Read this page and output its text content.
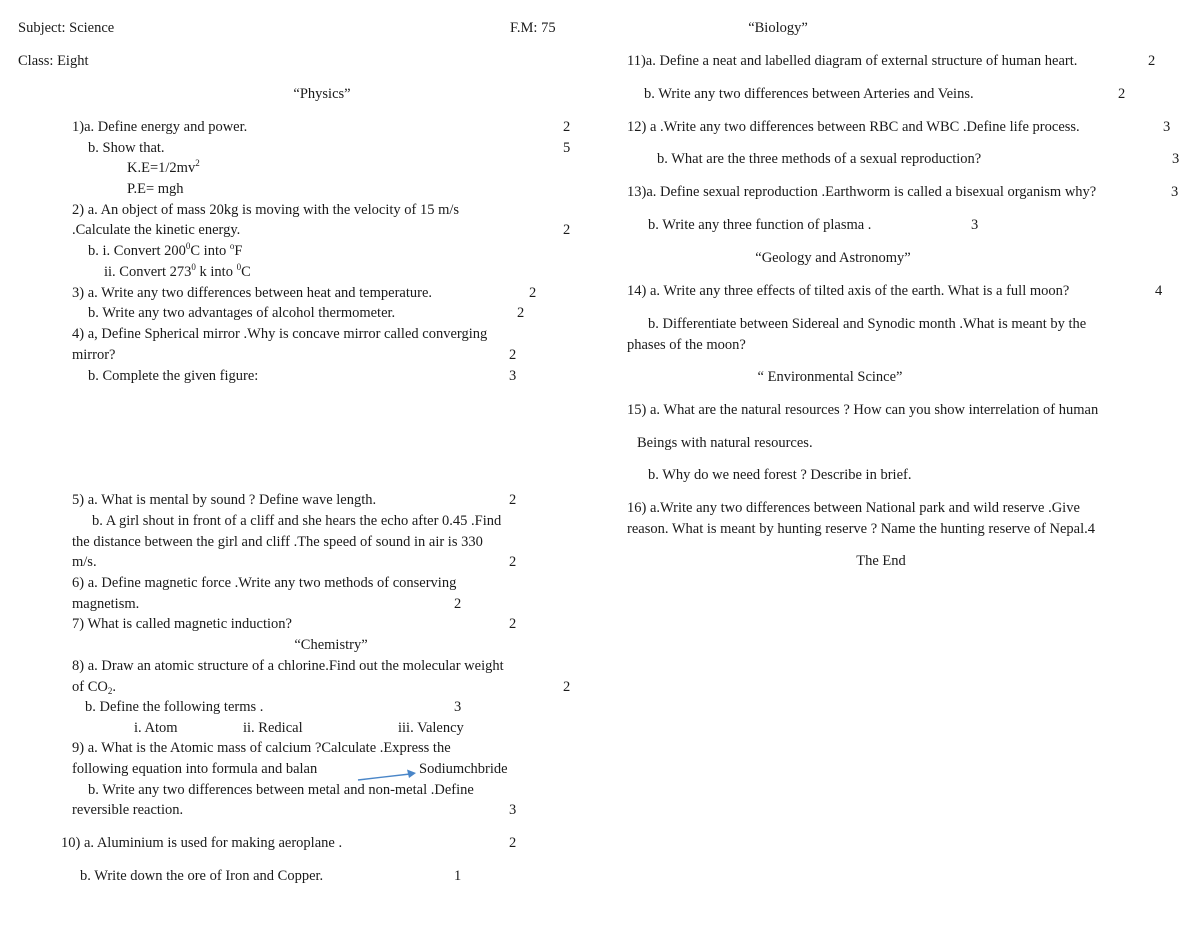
Subject: Science	F.M: 75
Class: Eight
“Physics”
1)a. Define energy and power.	2
b. Show that.	5
$K.E=1/2mv^2$
P.E= mgh
2) a. An object of mass 20kg is moving with the velocity of 15 m/s
.Calculate the kinetic energy.	2
b. i. Convert $200^0C$ into $^o$F
ii. Convert $273^0$ k into $^0$C
3) a. Write any two differences between heat and temperature.	2
b. Write any two advantages of alcohol thermometer.	2
4) a, Define Spherical mirror .Why is concave mirror called converging
mirror?	2
b. Complete the given figure:	3
5) a. What is mental by sound ? Define wave length.	2
b. A girl shout in front of a cliff and she hears the echo after 0.45 .Find
the distance between the girl and cliff .The speed of sound in air is 330
m/s.	2
6) a. Define magnetic force .Write any two methods of conserving
magnetism.	2
7) What is called magnetic induction?	2
“Chemistry”
8) a. Draw an atomic structure of a chlorine.Find out the molecular weight
of $CO_2$.	2
b. Define the following terms .	3
i. Atom	ii. Redical	iii. Valency
9) a. What is the Atomic mass of calcium ?Calculate .Express the
following equation into formula and balan	Sodiumchbride
b. Write any two differences between metal and non-metal .Define
reversible reaction.	3
10) a. Aluminium is used for making aeroplane .	2
b. Write down the ore of Iron and Copper.	1
“Biology”
11)a. Define a neat and labelled diagram of external structure of human heart.	2
b. Write any two differences between Arteries and Veins.	2
12) a .Write any two differences between RBC and WBC .Define life process.	3
b. What are the three methods of a sexual reproduction?	3
13)a. Define sexual reproduction .Earthworm is called a bisexual organism why?	3
b. Write any three function of plasma .	3
“Geology and Astronomy”
14) a. Write any three effects of tilted axis of the earth. What is a full moon?	4
b. Differentiate between Sidereal and Synodic month .What is meant by the
phases of the moon?
“ Environmental Scince”
15) a. What are the natural resources ? How can you show interrelation of human
Beings with natural resources.
b. Why do we need forest ? Describe in brief.
16) a.Write any two differences between National park and wild reserve .Give
reason. What is meant by hunting reserve ? Name the hunting reserve of Nepal.4
The End
